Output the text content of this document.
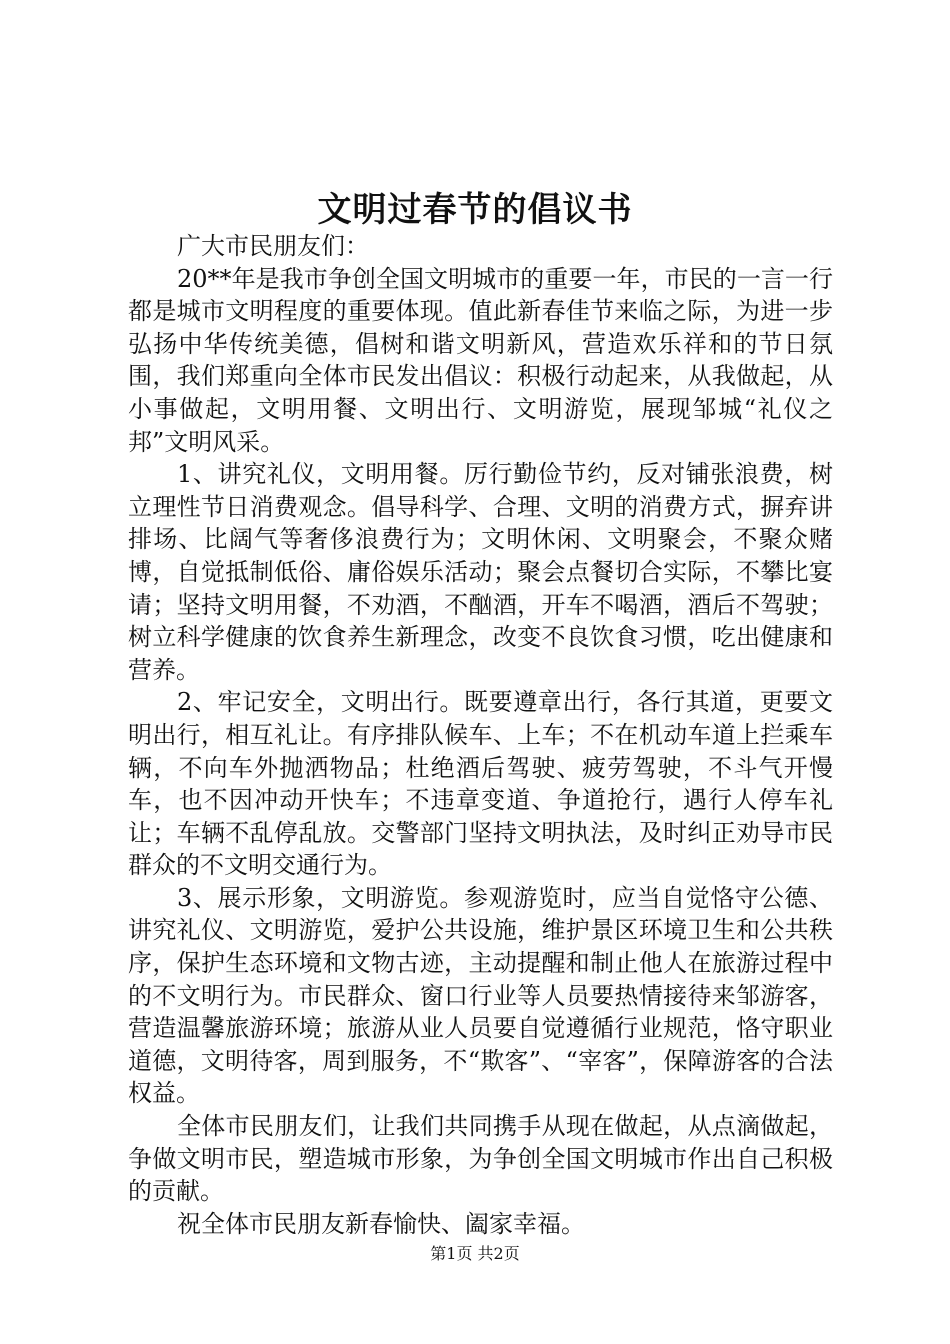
文明过春节的倡议书

广大市民朋友们：

20**年是我市争创全国文明城市的重要一年，市民的一言一行都是城市文明程度的重要体现。值此新春佳节来临之际，为进一步弘扬中华传统美德，倡树和谐文明新风，营造欢乐祥和的节日氛围，我们郑重向全体市民发出倡议：积极行动起来，从我做起，从小事做起，文明用餐、文明出行、文明游览，展现邹城“礼仪之邦”文明风采。

1、讲究礼仪，文明用餐。厉行勤俭节约，反对铺张浪费，树立理性节日消费观念。倡导科学、合理、文明的消费方式，摒弃讲排场、比阔气等奢侈浪费行为；文明休闲、文明聚会，不聚众赌博，自觉抵制低俗、庸俗娱乐活动；聚会点餐切合实际，不攀比宴请；坚持文明用餐，不劝酒，不酗酒，开车不喝酒，酒后不驾驶；树立科学健康的饮食养生新理念，改变不良饮食习惯，吃出健康和营养。

2、牢记安全，文明出行。既要遵章出行，各行其道，更要文明出行，相互礼让。有序排队候车、上车；不在机动车道上拦乘车辆，不向车外抛洒物品；杜绝酒后驾驶、疲劳驾驶，不斗气开慢车，也不因冲动开快车；不违章变道、争道抢行，遇行人停车礼让；车辆不乱停乱放。交警部门坚持文明执法，及时纠正劝导市民群众的不文明交通行为。

3、展示形象，文明游览。参观游览时，应当自觉恪守公德、讲究礼仪、文明游览，爱护公共设施，维护景区环境卫生和公共秩序，保护生态环境和文物古迹，主动提醒和制止他人在旅游过程中的不文明行为。市民群众、窗口行业等人员要热情接待来邹游客，营造温馨旅游环境；旅游从业人员要自觉遵循行业规范，恪守职业道德，文明待客，周到服务，不“欺客”、“宰客”，保障游客的合法权益。

全体市民朋友们，让我们共同携手从现在做起，从点滴做起，争做文明市民，塑造城市形象，为争创全国文明城市作出自己积极的贡献。

祝全体市民朋友新春愉快、阖家幸福。

第1页 共2页
